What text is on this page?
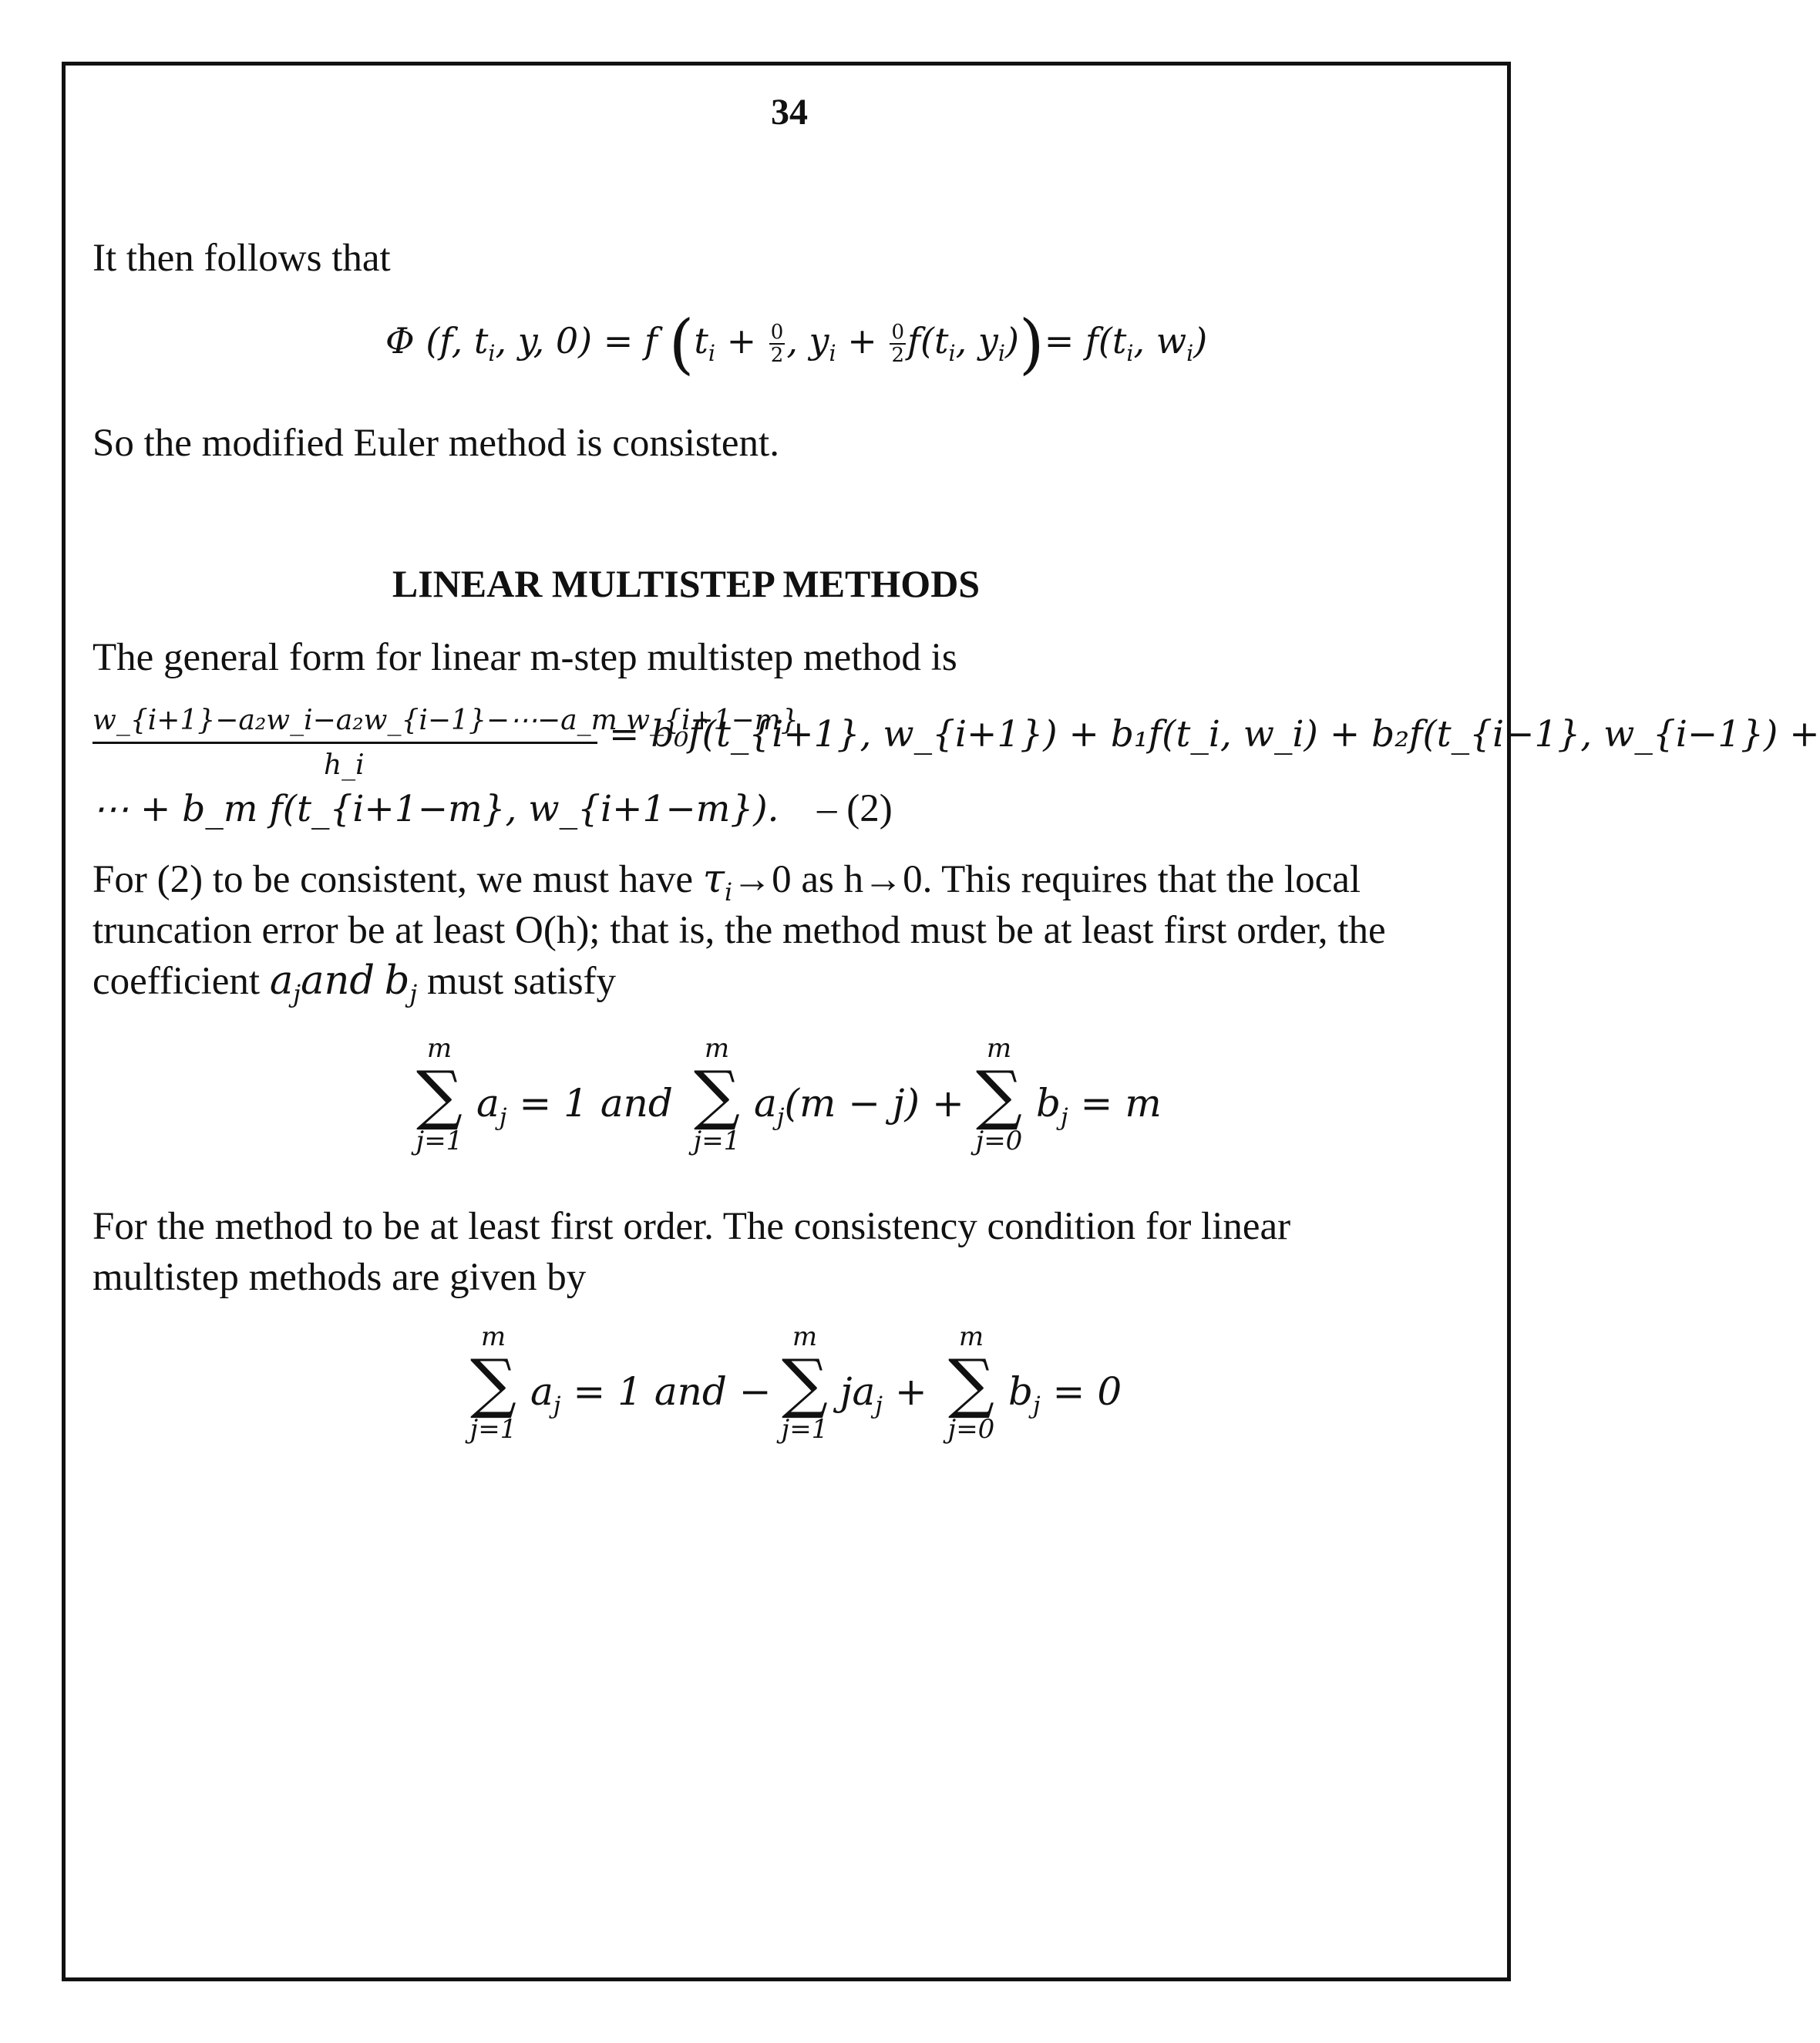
34
It then follows that
Φ (f, $t_i$, y, 0) = f ($t_i + \frac{0}{2}$ , $y_i + \frac{0}{2} f(t_i$, $y_i))= f(t_i$, $w_i$)
So the modified Euler method is consistent.
LINEAR MULTISTEP METHODS
The general form for linear m-step multistep method is
w_{i+1}−a₂w_i−a₂w_{i−1}−⋯−a_m w_{i+1−m}
h_i
= b₀f(t_{i+1}, w_{i+1}) + b₁f(t_i, w_i) + b₂f(t_{i−1}, w_{i−1}) +
⋯ + b_m f(t_{i+1−m}, w_{i+1−m}). – (2)
For (2) to be consistent, we must have $\tau_i\to 0$ as h→0. This requires that the local
truncation error be at least O(h); that is, the method must be at least first order, the
coefficient $a_jand$ $b_j$ must satisfy
m
∑
j=1
$a_j = 1$ and
m
∑
j=1
$a_j(m - j)$ +
m
∑
j=0
$b_j = m$
For the method to be at least first order. The consistency condition for linear
multistep methods are given by
m
∑
j=1
$a_j = 1$ and −
m
∑
j=1
$ja_j$ +
m
∑
j=0
$b_j = 0$
